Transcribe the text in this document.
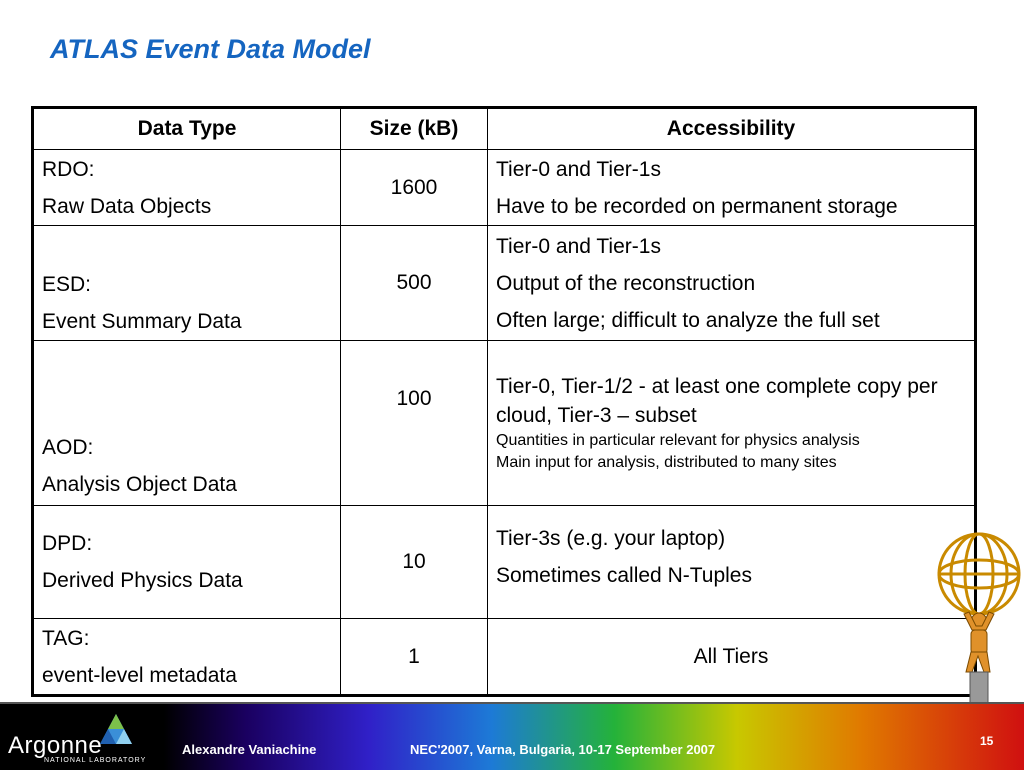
ATLAS Event Data Model
Data Type	Size (kB)	Accessibility

RDO:
Raw Data Objects	1600	Tier-0 and Tier-1s
Have to be recorded on permanent storage

ESD:
Event Summary Data	500	Tier-0 and Tier-1s
Output of the reconstruction
Often large; difficult to analyze the full set

AOD:
Analysis Object Data	100	Tier-0, Tier-1/2 - at least one complete copy per cloud, Tier-3 – subset
Quantities in particular relevant for physics analysis
Main input for analysis, distributed to many sites

DPD:
Derived Physics Data	10	Tier-3s (e.g. your laptop)
Sometimes called N-Tuples

TAG:
event-level metadata	1	All Tiers
Argonne
NATIONAL LABORATORY
Alexandre Vaniachine	NEC'2007, Varna, Bulgaria, 10-17 September 2007
15
